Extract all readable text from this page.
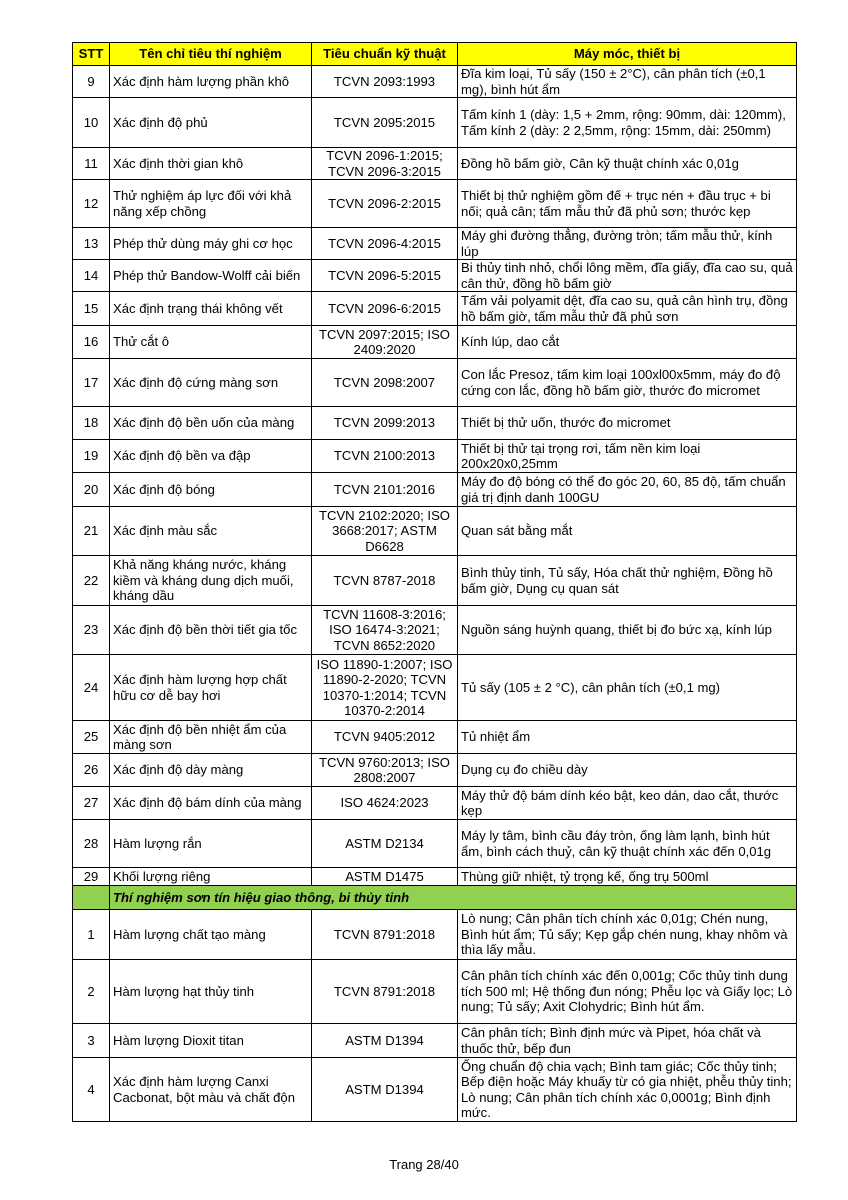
STT	Tên chỉ tiêu thí nghiệm	Tiêu chuẩn kỹ thuật	Máy móc, thiết bị
9	Xác định hàm lượng phần khô	TCVN 2093:1993	Đĩa kim loại, Tủ sấy (150 ± 2°C), cân phân tích (±0,1 mg), bình hút ẩm
10	Xác định độ phủ	TCVN 2095:2015	Tấm kính 1 (dày: 1,5 + 2mm, rộng: 90mm, dài: 120mm), Tấm kính 2 (dày: 2 2,5mm, rộng: 15mm, dài: 250mm)
11	Xác định thời gian khô	TCVN 2096-1:2015; TCVN 2096-3:2015	Đồng hồ bấm giờ, Cân kỹ thuật chính xác 0,01g
12	Thử nghiệm áp lực đối với khả năng xếp chồng	TCVN 2096-2:2015	Thiết bị thử nghiệm gồm đế + trục nén + đầu trục + bi nối; quả cân; tấm mẫu thử đã phủ sơn; thước kẹp
13	Phép thử dùng máy ghi cơ học	TCVN 2096-4:2015	Máy ghi đường thẳng, đường tròn; tấm mẫu thử, kính lúp
14	Phép thử Bandow-Wolff cải biến	TCVN 2096-5:2015	Bi thủy tinh nhỏ, chổi lông mềm, đĩa giấy, đĩa cao su, quả cân thử, đồng hồ bấm giờ
15	Xác định trạng thái không vết	TCVN 2096-6:2015	Tấm vải polyamit dệt, đĩa cao su, quả cân hình trụ, đồng hồ bấm giờ, tấm mẫu thử đã phủ sơn
16	Thử cắt ô	TCVN 2097:2015; ISO 2409:2020	Kính lúp, dao cắt
17	Xác định độ cứng màng sơn	TCVN 2098:2007	Con lắc Presoz, tấm kim loại 100xl00x5mm, máy đo độ cứng con lắc, đồng hồ bấm giờ, thước đo micromet
18	Xác định độ bền uốn của màng	TCVN 2099:2013	Thiết bị thử uốn, thước đo micromet
19	Xác định độ bền va đập	TCVN 2100:2013	Thiết bị thử tại trọng rơi, tấm nền kim loại 200x20x0,25mm
20	Xác định độ bóng	TCVN 2101:2016	Máy đo độ bóng có thể đo góc 20, 60, 85 độ, tấm chuẩn giá trị định danh 100GU
21	Xác định màu sắc	TCVN 2102:2020; ISO 3668:2017; ASTM D6628	Quan sát bằng mắt
22	Khả năng kháng nước, kháng kiềm và kháng dung dịch muối, kháng dầu	TCVN 8787-2018	Bình thủy tinh, Tủ sấy, Hóa chất thử nghiệm, Đồng hồ bấm giờ, Dụng cụ quan sát
23	Xác định độ bền thời tiết gia tốc	TCVN 11608-3:2016; ISO 16474-3:2021; TCVN 8652:2020	Nguồn sáng huỳnh quang, thiết bị đo bức xạ, kính lúp
24	Xác định hàm lượng hợp chất hữu cơ dễ bay hơi	ISO 11890-1:2007; ISO 11890-2-2020; TCVN 10370-1:2014; TCVN 10370-2:2014	Tủ sấy (105 ± 2 °C), cân phân tích (±0,1 mg)
25	Xác định độ bền nhiệt ẩm của màng sơn	TCVN 9405:2012	Tủ nhiệt ẩm
26	Xác định độ dày màng	TCVN 9760:2013; ISO 2808:2007	Dụng cụ đo chiều dày
27	Xác định độ bám dính của màng	ISO 4624:2023	Máy thử độ bám dính kéo bật, keo dán, dao cắt, thước kẹp
28	Hàm lượng rắn	ASTM D2134	Máy ly tâm, bình cầu đáy tròn, ống làm lạnh, bình hút ẩm, bình cách thuỷ, cân kỹ thuật chính xác đến 0,01g
29	Khối lượng riêng	ASTM D1475	Thùng giữ nhiệt, tỷ trọng kế, ống trụ 500ml
	Thí nghiệm sơn tín hiệu giao thông, bi thủy tinh		
1	Hàm lượng chất tạo màng	TCVN 8791:2018	Lò nung; Cân phân tích chính xác 0,01g; Chén nung, Bình hút ẩm; Tủ sấy; Kẹp gắp chén nung, khay nhôm và thìa lấy mẫu.
2	Hàm lượng hạt thủy tinh	TCVN 8791:2018	Cân phân tích chính xác đến 0,001g; Cốc thủy tinh dung tích 500 ml; Hệ thống đun nóng; Phễu lọc và Giấy lọc; Lò nung; Tủ sấy; Axit Clohydric; Bình hút ẩm.
3	Hàm lượng Dioxit titan	ASTM D1394	Cân phân tích; Bình định mức và Pipet, hóa chất và thuốc thử, bếp đun
4	Xác định hàm lượng Canxi Cacbonat, bột màu và chất độn	ASTM D1394	Ống chuẩn độ chia vạch; Bình tam giác; Cốc thủy tinh; Bếp điện hoặc Máy khuấy từ có gia nhiệt, phễu thủy tinh; Lò nung; Cân phân tích chính xác 0,0001g; Bình định mức.
Trang 28/40
